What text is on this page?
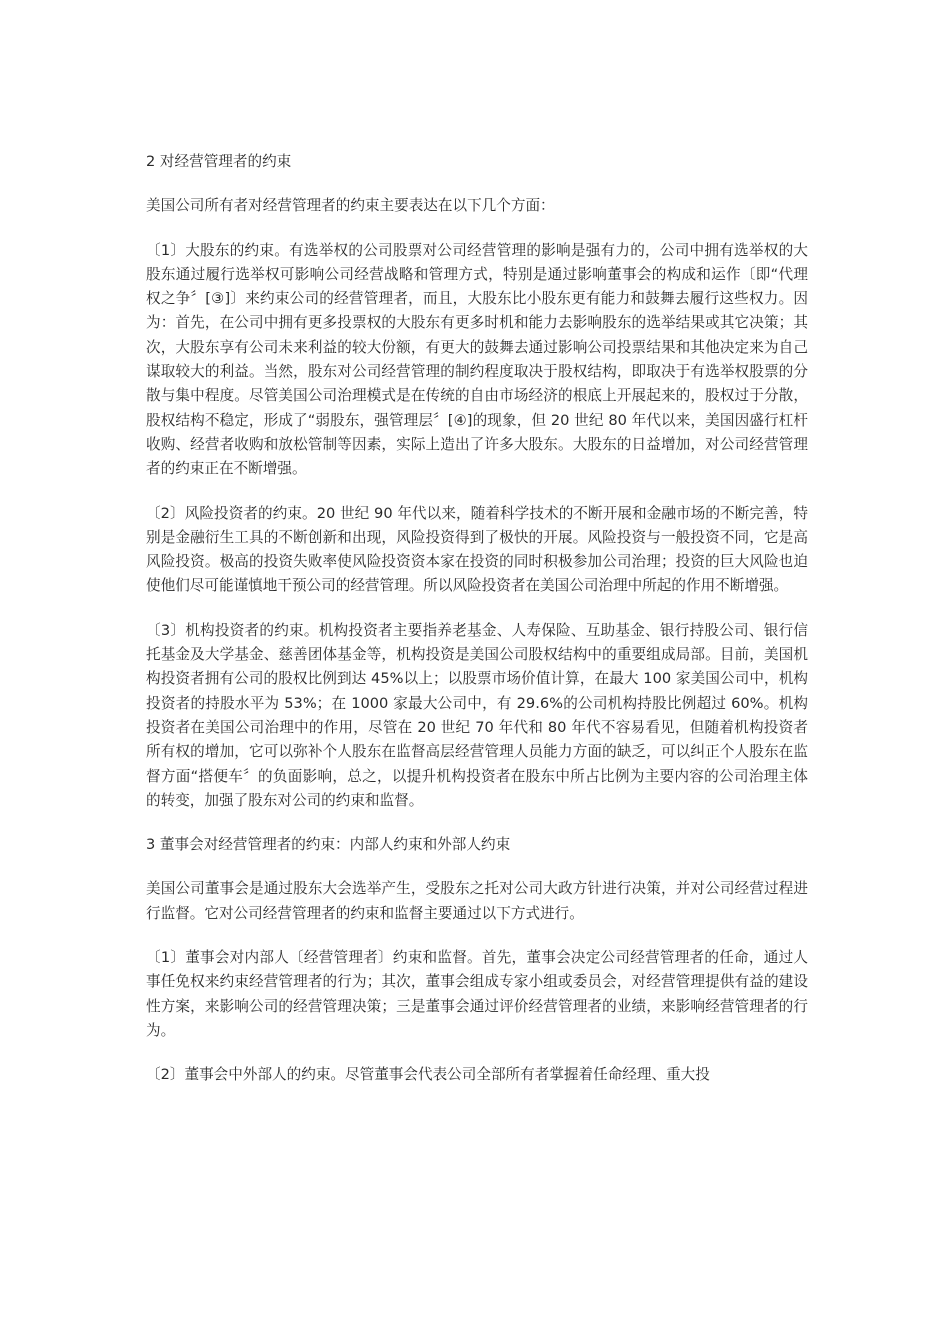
2 对经营管理者的约束

美国公司所有者对经营管理者的约束主要表达在以下几个方面：

〔1〕大股东的约束。有选举权的公司股票对公司经营管理的影响是强有力的，公司中拥有选举权的大股东通过履行选举权可影响公司经营战略和管理方式，特别是通过影响董事会的构成和运作〔即“代理权之争〞[③]〕来约束公司的经营管理者，而且，大股东比小股东更有能力和鼓舞去履行这些权力。因为：首先，在公司中拥有更多投票权的大股东有更多时机和能力去影响股东的选举结果或其它决策；其次，大股东享有公司未来利益的较大份额，有更大的鼓舞去通过影响公司投票结果和其他决定来为自己谋取较大的利益。当然，股东对公司经营管理的制约程度取决于股权结构，即取决于有选举权股票的分散与集中程度。尽管美国公司治理模式是在传统的自由市场经济的根底上开展起来的，股权过于分散，股权结构不稳定，形成了“弱股东，强管理层〞[④]的现象，但 20 世纪 80 年代以来，美国因盛行杠杆收购、经营者收购和放松管制等因素，实际上造出了许多大股东。大股东的日益增加，对公司经营管理者的约束正在不断增强。

〔2〕风险投资者的约束。20 世纪 90 年代以来，随着科学技术的不断开展和金融市场的不断完善，特别是金融衍生工具的不断创新和出现，风险投资得到了极快的开展。风险投资与一般投资不同，它是高风险投资。极高的投资失败率使风险投资资本家在投资的同时积极参加公司治理；投资的巨大风险也迫使他们尽可能谨慎地干预公司的经营管理。所以风险投资者在美国公司治理中所起的作用不断增强。

〔3〕机构投资者的约束。机构投资者主要指养老基金、人寿保险、互助基金、银行持股公司、银行信托基金及大学基金、慈善团体基金等，机构投资是美国公司股权结构中的重要组成局部。目前，美国机构投资者拥有公司的股权比例到达 45%以上；以股票市场价值计算，在最大 100 家美国公司中，机构投资者的持股水平为 53%；在 1000 家最大公司中，有 29.6%的公司机构持股比例超过 60%。机构投资者在美国公司治理中的作用，尽管在 20 世纪 70 年代和 80 年代不容易看见，但随着机构投资者所有权的增加，它可以弥补个人股东在监督高层经营管理人员能力方面的缺乏，可以纠正个人股东在监督方面“搭便车〞的负面影响，总之，以提升机构投资者在股东中所占比例为主要内容的公司治理主体的转变，加强了股东对公司的约束和监督。

3 董事会对经营管理者的约束：内部人约束和外部人约束

美国公司董事会是通过股东大会选举产生，受股东之托对公司大政方针进行决策，并对公司经营过程进行监督。它对公司经营管理者的约束和监督主要通过以下方式进行。

〔1〕董事会对内部人〔经营管理者〕约束和监督。首先，董事会决定公司经营管理者的任命，通过人事任免权来约束经营管理者的行为；其次，董事会组成专家小组或委员会，对经营管理提供有益的建设性方案，来影响公司的经营管理决策；三是董事会通过评价经营管理者的业绩，来影响经营管理者的行为。

〔2〕董事会中外部人的约束。尽管董事会代表公司全部所有者掌握着任命经理、重大投
